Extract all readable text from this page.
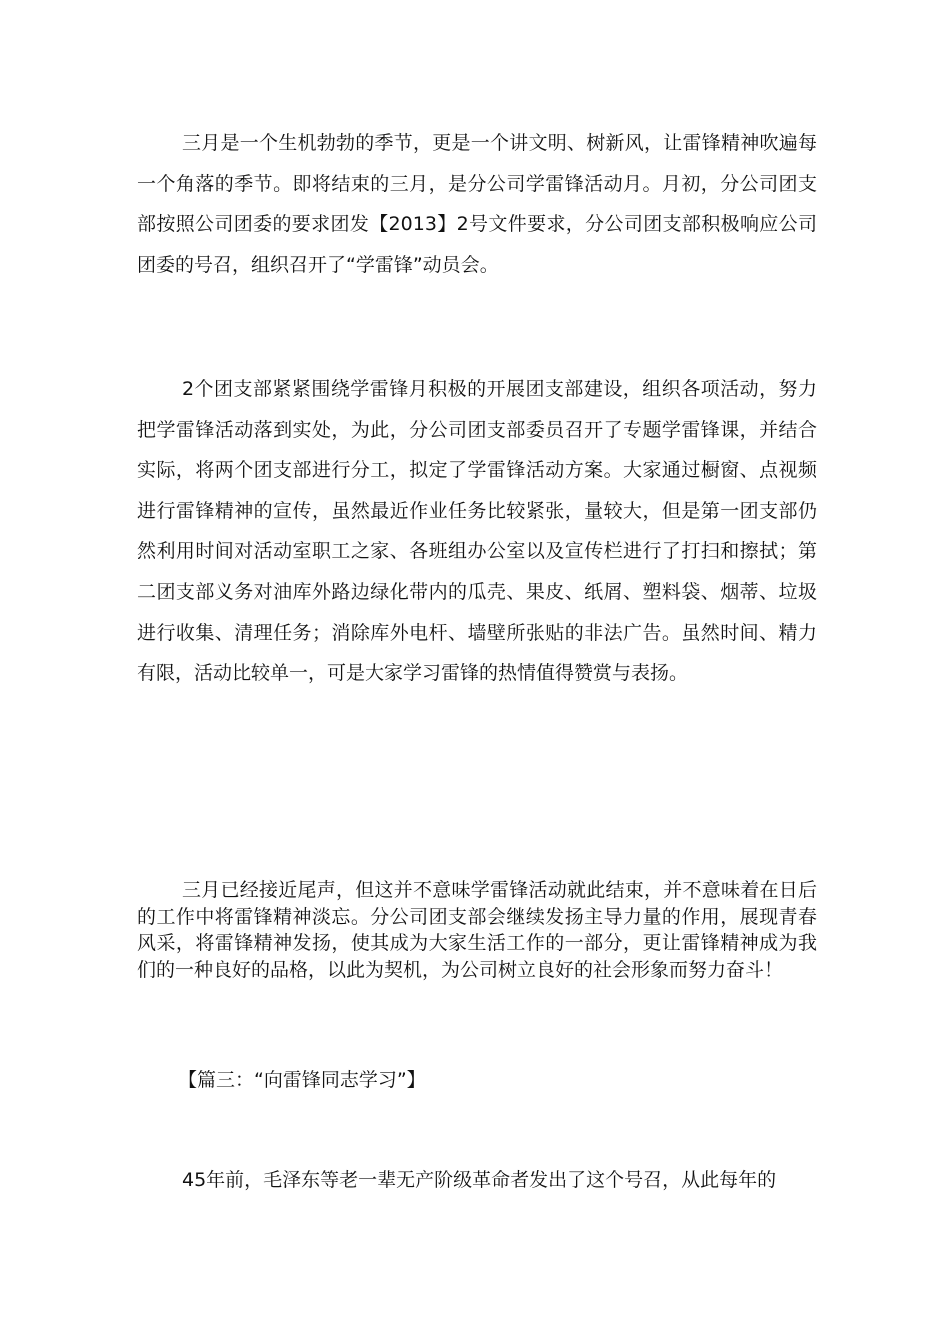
三月是一个生机勃勃的季节，更是一个讲文明、树新风，让雷锋精神吹遍每一个角落的季节。即将结束的三月，是分公司学雷锋活动月。月初，分公司团支部按照公司团委的要求团发【2013】2号文件要求，分公司团支部积极响应公司团委的号召，组织召开了“学雷锋”动员会。

2个团支部紧紧围绕学雷锋月积极的开展团支部建设，组织各项活动，努力把学雷锋活动落到实处，为此，分公司团支部委员召开了专题学雷锋课，并结合实际，将两个团支部进行分工，拟定了学雷锋活动方案。大家通过橱窗、点视频进行雷锋精神的宣传，虽然最近作业任务比较紧张，量较大，但是第一团支部仍然利用时间对活动室职工之家、各班组办公室以及宣传栏进行了打扫和擦拭；第二团支部义务对油库外路边绿化带内的瓜壳、果皮、纸屑、塑料袋、烟蒂、垃圾进行收集、清理任务；消除库外电杆、墙壁所张贴的非法广告。虽然时间、精力有限，活动比较单一，可是大家学习雷锋的热情值得赞赏与表扬。

三月已经接近尾声，但这并不意味学雷锋活动就此结束，并不意味着在日后的工作中将雷锋精神淡忘。分公司团支部会继续发扬主导力量的作用，展现青春风采，将雷锋精神发扬，使其成为大家生活工作的一部分，更让雷锋精神成为我们的一种良好的品格，以此为契机，为公司树立良好的社会形象而努力奋斗！

【篇三：“向雷锋同志学习”】

45年前，毛泽东等老一辈无产阶级革命者发出了这个号召，从此每年的
